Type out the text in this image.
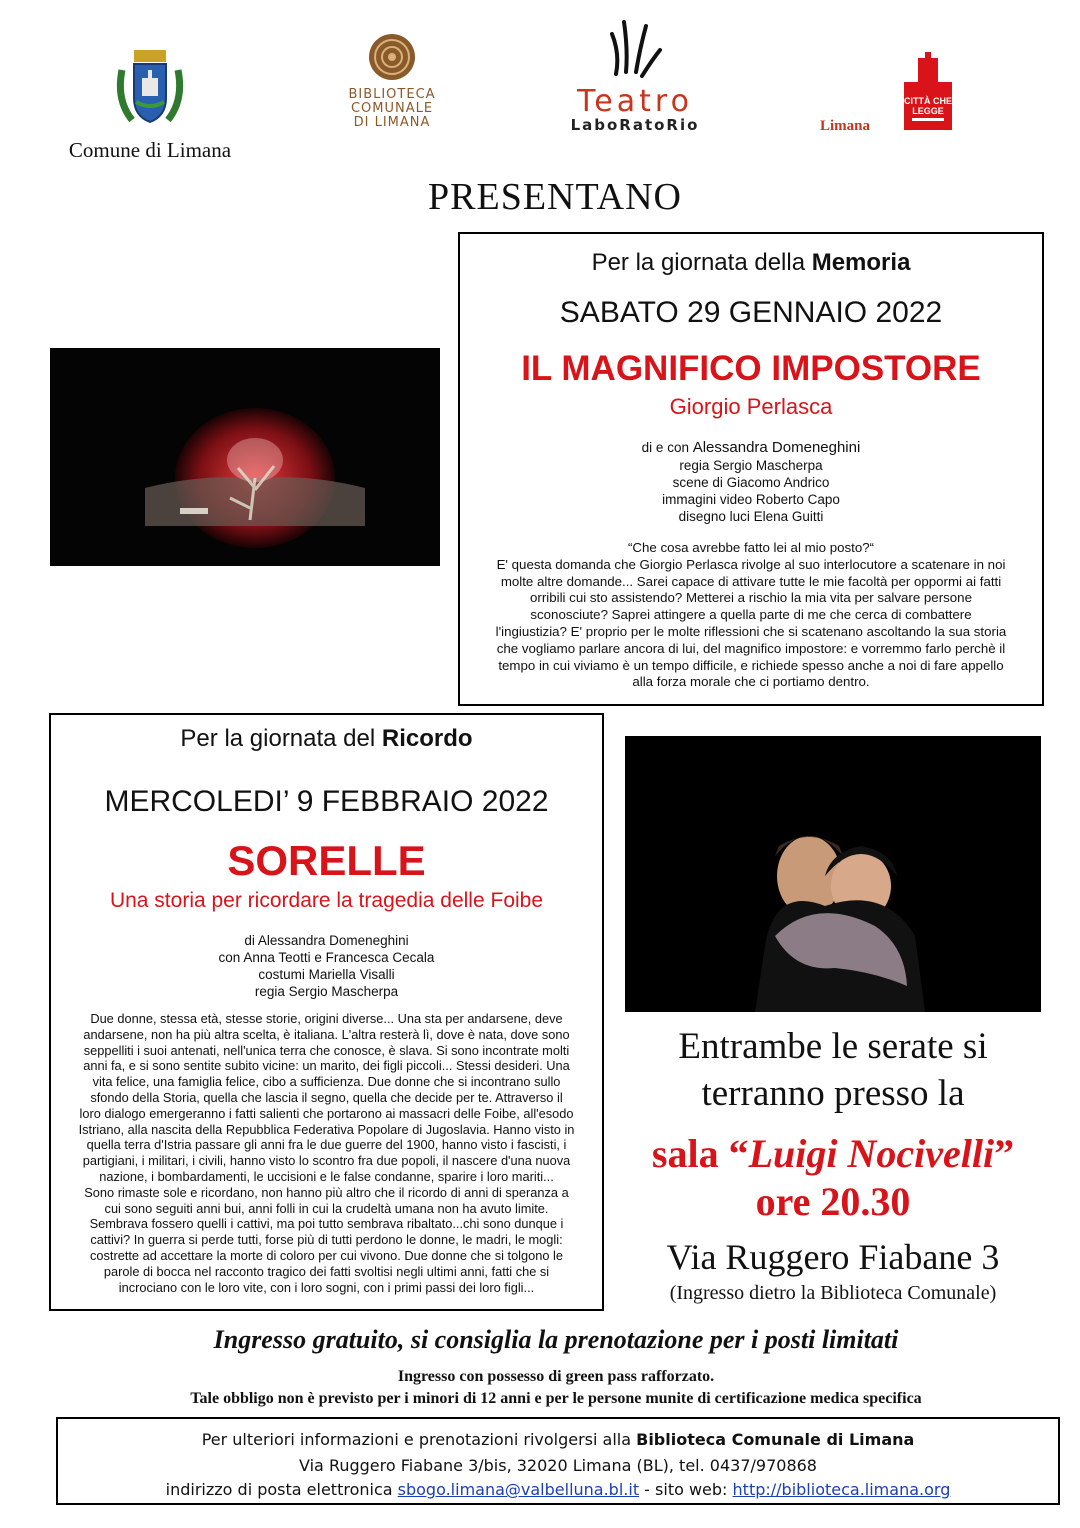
Comune di Limana
BIBLIOTECA COMUNALE DI LIMANA
Teatro
LaboRatoRio
CITTÀ CHE LEGGE
Limana
PRESENTANO
Per la giornata della Memoria
SABATO 29 GENNAIO 2022
IL MAGNIFICO IMPOSTORE
Giorgio Perlasca
di e con Alessandra Domeneghini
regia Sergio Mascherpa
scene di Giacomo Andrico
immagini video Roberto Capo
disegno luci Elena Guitti
“Che cosa avrebbe fatto lei al mio posto?“
E' questa domanda che Giorgio Perlasca rivolge al suo interlocutore a scatenare in noi
molte altre domande... Sarei capace di attivare tutte le mie facoltà per oppormi ai fatti
orribili cui sto assistendo? Metterei a rischio la mia vita per salvare persone
sconosciute? Saprei attingere a quella parte di me che cerca di combattere
l'ingiustizia? E' proprio per le molte riflessioni che si scatenano ascoltando la sua storia
che vogliamo parlare ancora di lui, del magnifico impostore: e vorremmo farlo perchè il
tempo in cui viviamo è un tempo difficile, e richiede spesso anche a noi di fare appello
alla forza morale che ci portiamo dentro.
Per la giornata del Ricordo
MERCOLEDI’ 9 FEBBRAIO 2022
SORELLE
Una storia per ricordare la tragedia delle Foibe
di Alessandra Domeneghini
con Anna Teotti e Francesca Cecala
costumi Mariella Visalli
regia Sergio Mascherpa
Due donne, stessa età, stesse storie, origini diverse... Una sta per andarsene, deve
andarsene, non ha più altra scelta, è italiana. L'altra resterà lì, dove è nata, dove sono
seppelliti i suoi antenati, nell'unica terra che conosce, è slava. Si sono incontrate molti
anni fa, e si sono sentite subito vicine: un marito, dei figli piccoli... Stessi desideri. Una
vita felice, una famiglia felice, cibo a sufficienza. Due donne che si incontrano sullo
sfondo della Storia, quella che lascia il segno, quella che decide per te. Attraverso il
loro dialogo emergeranno i fatti salienti che portarono ai massacri delle Foibe, all'esodo
Istriano, alla nascita della Repubblica Federativa Popolare di Jugoslavia. Hanno visto in
quella terra d'Istria passare gli anni fra le due guerre del 1900, hanno visto i fascisti, i
partigiani, i militari, i civili, hanno visto lo scontro fra due popoli, il nascere d'una nuova
nazione, i bombardamenti, le uccisioni e le false condanne, sparire i loro mariti...
Sono rimaste sole e ricordano, non hanno più altro che il ricordo di anni di speranza a
cui sono seguiti anni bui, anni folli in cui la crudeltà umana non ha avuto limite.
Sembrava fossero quelli i cattivi, ma poi tutto sembrava ribaltato...chi sono dunque i
cattivi? In guerra si perde tutti, forse più di tutti perdono le donne, le madri, le mogli:
costrette ad accettare la morte di coloro per cui vivono. Due donne che si tolgono le
parole di bocca nel racconto tragico dei fatti svoltisi negli ultimi anni, fatti che si
incrociano con le loro vite, con i loro sogni, con i primi passi dei loro figli...
Entrambe le serate si
terranno presso la
sala “Luigi Nocivelli”
ore 20.30
Via Ruggero Fiabane 3
(Ingresso dietro la Biblioteca Comunale)
Ingresso gratuito, si consiglia la prenotazione per i posti limitati
Ingresso con possesso di green pass rafforzato.
Tale obbligo non è previsto per i minori di 12 anni e per le persone munite di certificazione medica specifica
Per ulteriori informazioni e prenotazioni rivolgersi alla Biblioteca Comunale di Limana
Via Ruggero Fiabane 3/bis, 32020 Limana (BL), tel. 0437/970868
indirizzo di posta elettronica sbogo.limana@valbelluna.bl.it - sito web: http://biblioteca.limana.org
